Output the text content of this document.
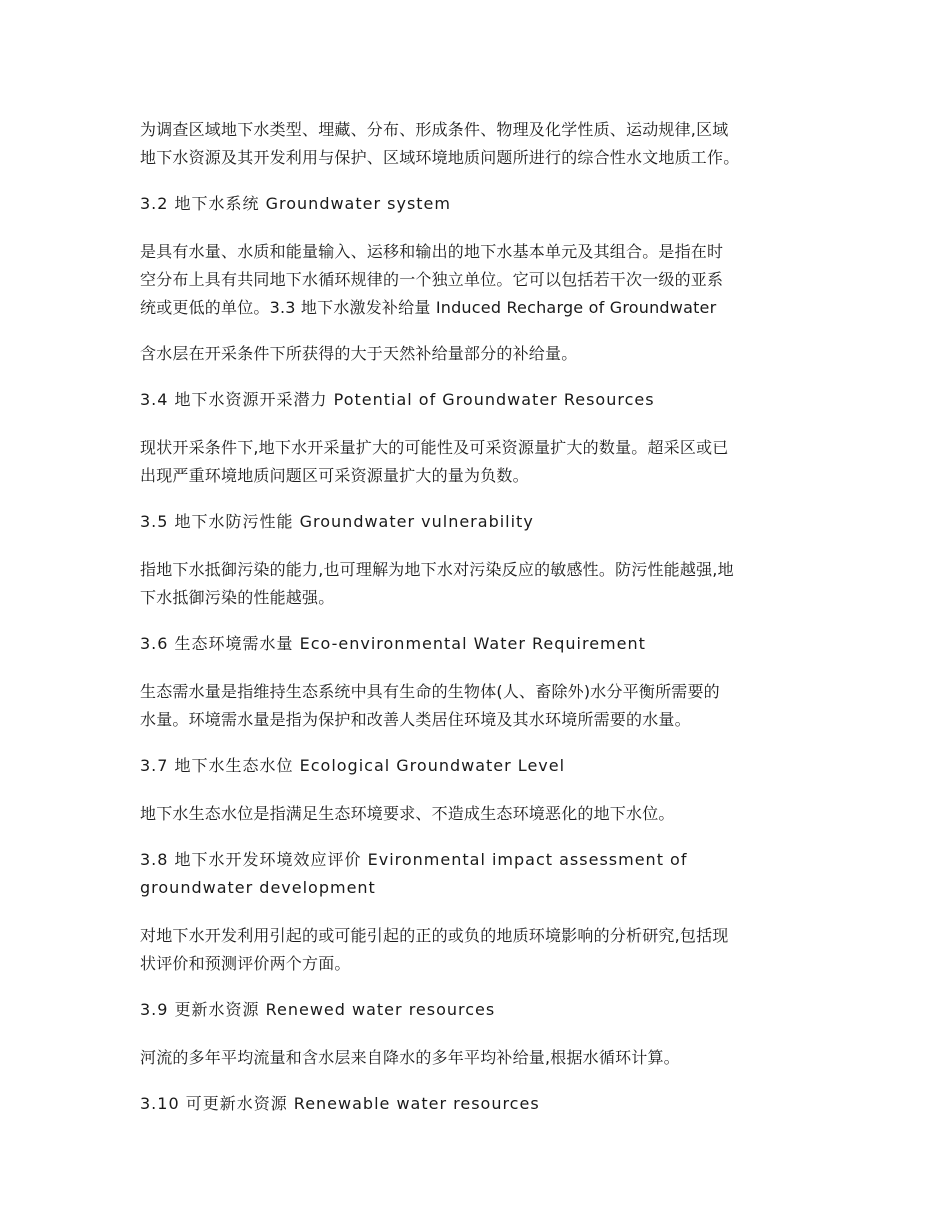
为调查区域地下水类型、埋藏、分布、形成条件、物理及化学性质、运动规律,区域
地下水资源及其开发利用与保护、区域环境地质问题所进行的综合性水文地质工作。

3.2 地下水系统 Groundwater system

是具有水量、水质和能量输入、运移和输出的地下水基本单元及其组合。是指在时
空分布上具有共同地下水循环规律的一个独立单位。它可以包括若干次一级的亚系
统或更低的单位。3.3 地下水激发补给量 Induced Recharge of Groundwater

含水层在开采条件下所获得的大于天然补给量部分的补给量。

3.4 地下水资源开采潜力 Potential of Groundwater Resources

现状开采条件下,地下水开采量扩大的可能性及可采资源量扩大的数量。超采区或已
出现严重环境地质问题区可采资源量扩大的量为负数。

3.5 地下水防污性能 Groundwater vulnerability

指地下水抵御污染的能力,也可理解为地下水对污染反应的敏感性。防污性能越强,地
下水抵御污染的性能越强。

3.6 生态环境需水量 Eco-environmental Water Requirement

生态需水量是指维持生态系统中具有生命的生物体(人、畜除外)水分平衡所需要的
水量。环境需水量是指为保护和改善人类居住环境及其水环境所需要的水量。

3.7 地下水生态水位 Ecological Groundwater Level

地下水生态水位是指满足生态环境要求、不造成生态环境恶化的地下水位。

3.8 地下水开发环境效应评价 Evironmental impact assessment of
groundwater development

对地下水开发利用引起的或可能引起的正的或负的地质环境影响的分析研究,包括现
状评价和预测评价两个方面。

3.9 更新水资源 Renewed water resources

河流的多年平均流量和含水层来自降水的多年平均补给量,根据水循环计算。

3.10 可更新水资源 Renewable water resources
